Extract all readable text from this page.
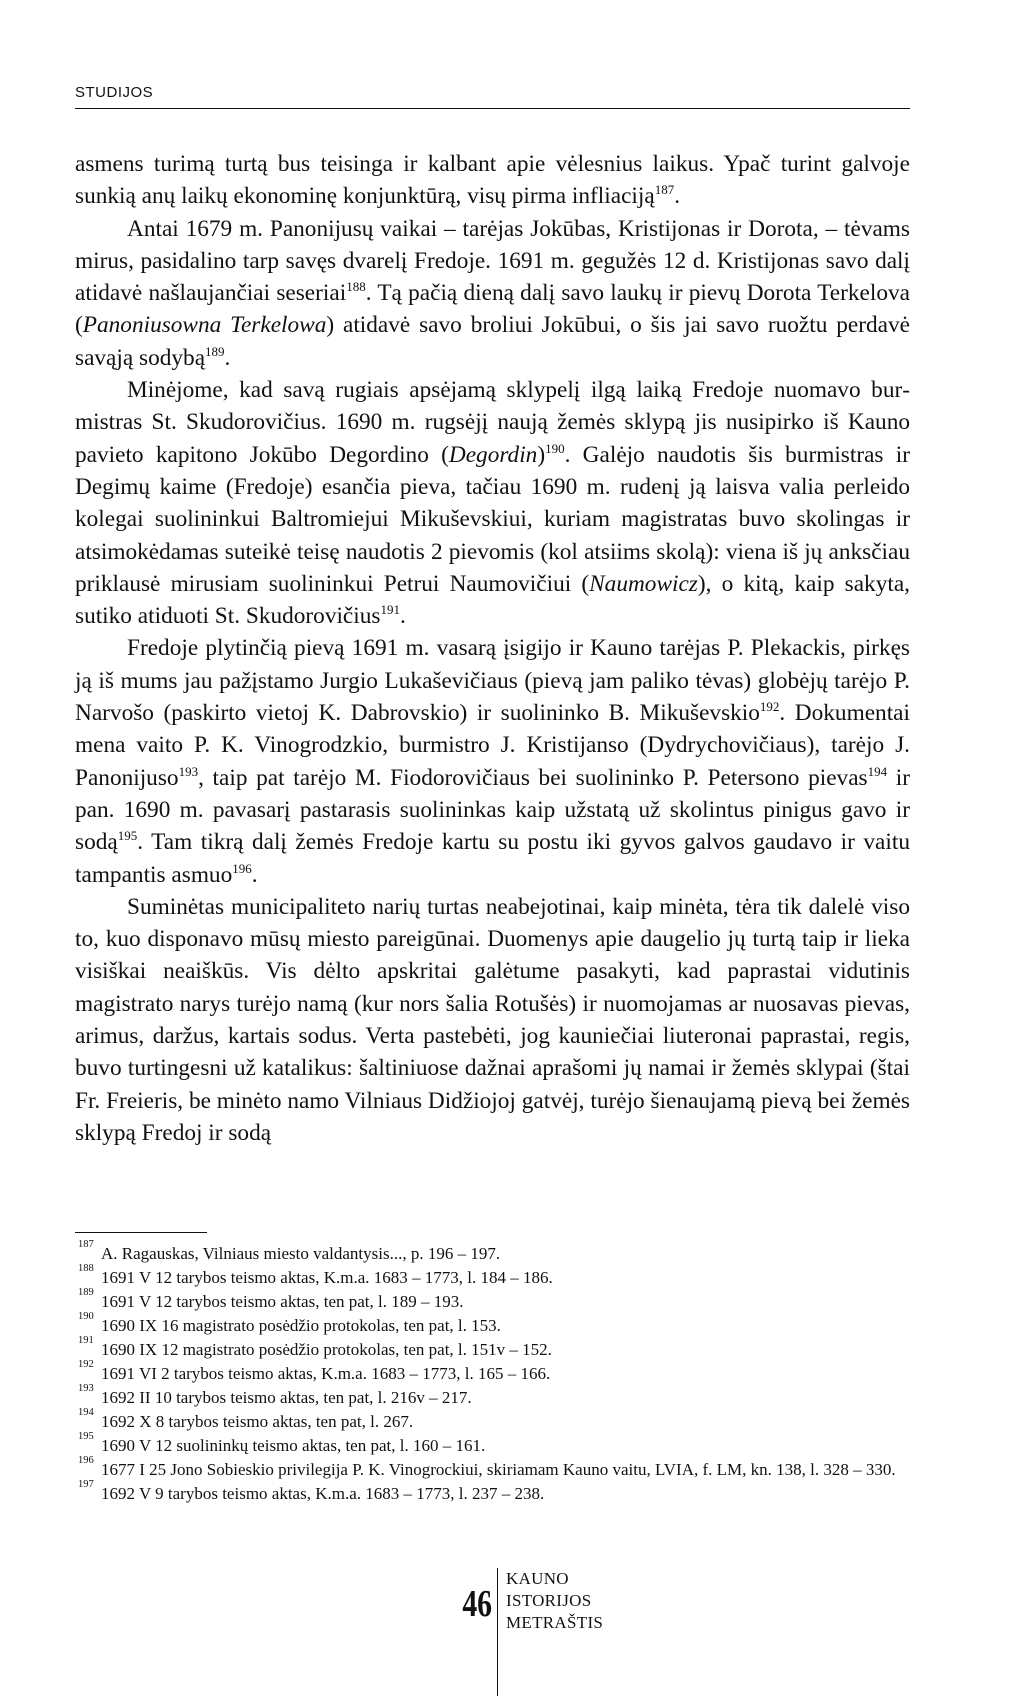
STUDIJOS

asmens turimą turtą bus teisinga ir kalbant apie vėlesnius laikus. Ypač turint galvoje sunkią anų laikų ekonominę konjunktūrą, visų pirma infliaciją$^{187}$.

Antai 1679 m. Panonijusų vaikai – tarėjas Jokūbas, Kristijonas ir Dorota, – tėvams mirus, pasidalino tarp savęs dvarelį Fredoje. 1691 m. gegužės 12 d. Kristijonas savo dalį atidavė našlaujančiai seseriai$^{188}$. Tą pačią dieną dalį savo laukų ir pievų Dorota Terkelova (Panoniusowna Terkelowa) atidavė savo broliui Jokūbui, o šis jai savo ruožtu perdavė savąją sodybą$^{189}$.

Minėjome, kad savą rugiais apsėjamą sklypelį ilgą laiką Fredoje nuomavo burmistras St. Skudorovičius. 1690 m. rugsėjį naują žemės sklypą jis nusipirko iš Kauno pavieto kapitono Jokūbo Degordino (Degordin)$^{190}$. Galėjo naudotis šis burmistras ir Degimų kaime (Fredoje) esančia pieva, tačiau 1690 m. rudenį ją laisva valia perleido kolegai suolininkui Baltromiejui Mikuševskiui, kuriam magistratas buvo skolingas ir atsimokėdamas suteikė teisę naudotis 2 pievomis (kol atsiims skolą): viena iš jų anksčiau priklausė mirusiam suolininkui Petrui Naumovičiui (Naumowicz), o kitą, kaip sakyta, sutiko atiduoti St. Skudorovičius$^{191}$.

Fredoje plytinčią pievą 1691 m. vasarą įsigijo ir Kauno tarėjas P. Plekackis, pirkęs ją iš mums jau pažįstamo Jurgio Lukaševičiaus (pievą jam paliko tėvas) globėjų tarėjo P. Narvošo (paskirto vietoj K. Dabrovskio) ir suolininko B. Mikuševskio$^{192}$. Dokumentai mena vaito P. K. Vinogrodzkio, burmistro J. Kristijanso (Dydrychovičiaus), tarėjo J. Panonijuso$^{193}$, taip pat tarėjo M. Fiodorovičiaus bei suolininko P. Petersono pievas$^{194}$ ir pan. 1690 m. pavasarį pastarasis suolininkas kaip užstatą už skolintus pinigus gavo ir sodą$^{195}$. Tam tikrą dalį žemės Fredoje kartu su postu iki gyvos galvos gaudavo ir vaitu tampantis asmuo$^{196}$.

Suminėtas municipaliteto narių turtas neabejotinai, kaip minėta, tėra tik dalelė viso to, kuo disponavo mūsų miesto pareigūnai. Duomenys apie daugelio jų turtą taip ir lieka visiškai neaiškūs. Vis dėlto apskritai galėtume pasakyti, kad paprastai vidutinis magistrato narys turėjo namą (kur nors šalia Rotušės) ir nuomojamas ar nuosavas pievas, arimus, daržus, kartais sodus. Verta pastebėti, jog kauniečiai liuteronai paprastai, regis, buvo turtingesni už katalikus: šaltiniuose dažnai aprašomi jų namai ir žemės sklypai (štai Fr. Freieris, be minėto namo Vilniaus Didžiojoj gatvėj, turėjo šienaujamą pievą bei žemės sklypą Fredoj ir sodą

187 A. Ragauskas, Vilniaus miesto valdantysis..., p. 196 – 197.
188 1691 V 12 tarybos teismo aktas, K.m.a. 1683 – 1773, l. 184 – 186.
189 1691 V 12 tarybos teismo aktas, ten pat, l. 189 – 193.
190 1690 IX 16 magistrato posėdžio protokolas, ten pat, l. 153.
191 1690 IX 12 magistrato posėdžio protokolas, ten pat, l. 151v – 152.
192 1691 VI 2 tarybos teismo aktas, K.m.a. 1683 – 1773, l. 165 – 166.
193 1692 II 10 tarybos teismo aktas, ten pat, l. 216v – 217.
194 1692 X 8 tarybos teismo aktas, ten pat, l. 267.
195 1690 V 12 suolininkų teismo aktas, ten pat, l. 160 – 161.
196 1677 I 25 Jono Sobieskio privilegija P. K. Vinogrockiui, skiriamam Kauno vaitu, LVIA, f. LM, kn. 138, l. 328 – 330.
197 1692 V 9 tarybos teismo aktas, K.m.a. 1683 – 1773, l. 237 – 238.
46
KAUNO
ISTORIJOS
METRAŠTIS
